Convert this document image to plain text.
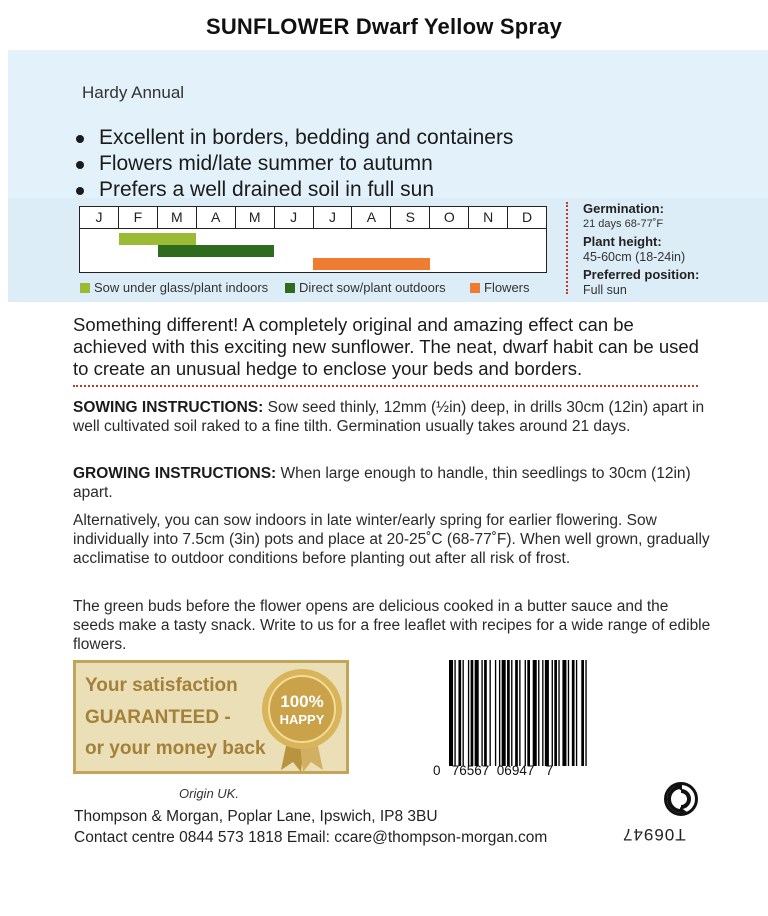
SUNFLOWER Dwarf Yellow Spray
Hardy Annual
Excellent in borders, bedding and containers
Flowers mid/late summer to autumn
Prefers a well drained soil in full sun
J	F	M	A	M	J	J	A	S	O	N	D
Sow under glass/plant indoors Direct sow/plant outdoors	Flowers
Germination:
21 days 68-77˚F
Plant height:
45-60cm (18-24in)
Preferred position:
Full sun
Something different! A completely original and amazing effect can be achieved with this exciting new sunflower. The neat, dwarf habit can be used to create an unusual hedge to enclose your beds and borders.
SOWING INSTRUCTIONS: Sow seed thinly, 12mm (½in) deep, in drills 30cm (12in) apart in well cultivated soil raked to a fine tilth. Germination usually takes around 21 days.
GROWING INSTRUCTIONS: When large enough to handle, thin seedlings to 30cm (12in) apart.
Alternatively, you can sow indoors in late winter/early spring for earlier flowering. Sow individually into 7.5cm (3in) pots and place at 20-25˚C (68-77˚F). When well grown, gradually acclimatise to outdoor conditions before planting out after all risk of frost.
The green buds before the flower opens are delicious cooked in a butter sauce and the seeds make a tasty snack. Write to us for a free leaflet with recipes for a wide range of edible flowers.
Your satisfaction
GUARANTEED -
or your money back
100%
HAPPY
0   76567  06947   7
Origin UK.
Thompson & Morgan, Poplar Lane, Ipswich, IP8 3BU
Contact centre 0844 573 1818 Email: ccare@thompson-morgan.com	T06947
